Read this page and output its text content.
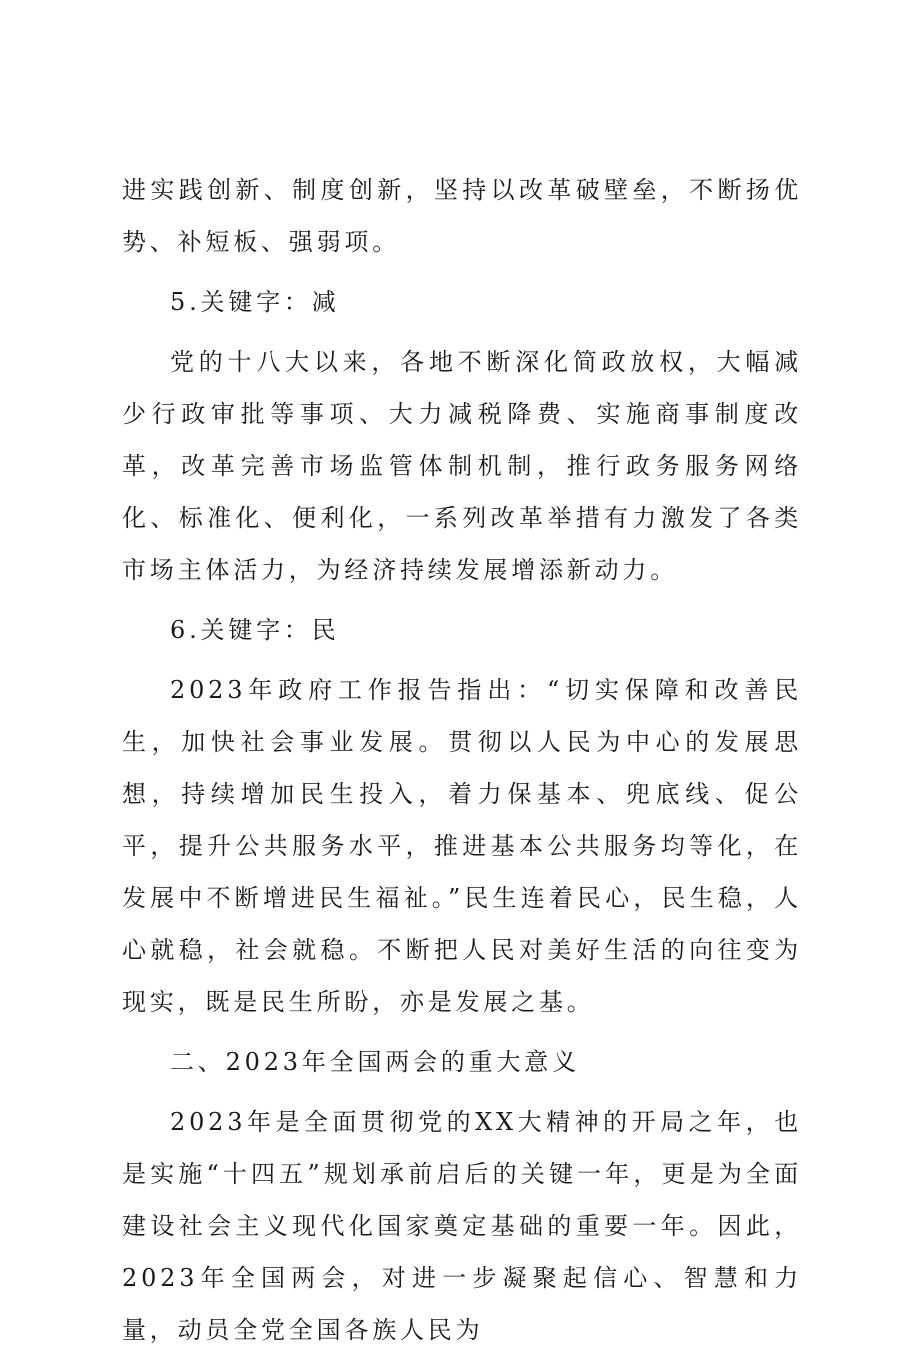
进实践创新、制度创新，坚持以改革破壁垒，不断扬优势、补短板、强弱项。

5.关键字：减

党的十八大以来，各地不断深化简政放权，大幅减少行政审批等事项、大力减税降费、实施商事制度改革，改革完善市场监管体制机制，推行政务服务网络化、标准化、便利化，一系列改革举措有力激发了各类市场主体活力，为经济持续发展增添新动力。

6.关键字：民

2023年政府工作报告指出：“切实保障和改善民生，加快社会事业发展。贯彻以人民为中心的发展思想，持续增加民生投入，着力保基本、兜底线、促公平，提升公共服务水平，推进基本公共服务均等化，在发展中不断增进民生福祉。”民生连着民心，民生稳，人心就稳，社会就稳。不断把人民对美好生活的向往变为现实，既是民生所盼，亦是发展之基。

二、2023年全国两会的重大意义

2023年是全面贯彻党的XX大精神的开局之年，也是实施“十四五”规划承前启后的关键一年，更是为全面建设社会主义现代化国家奠定基础的重要一年。因此，2023年全国两会，对进一步凝聚起信心、智慧和力量，动员全党全国各族人民为
